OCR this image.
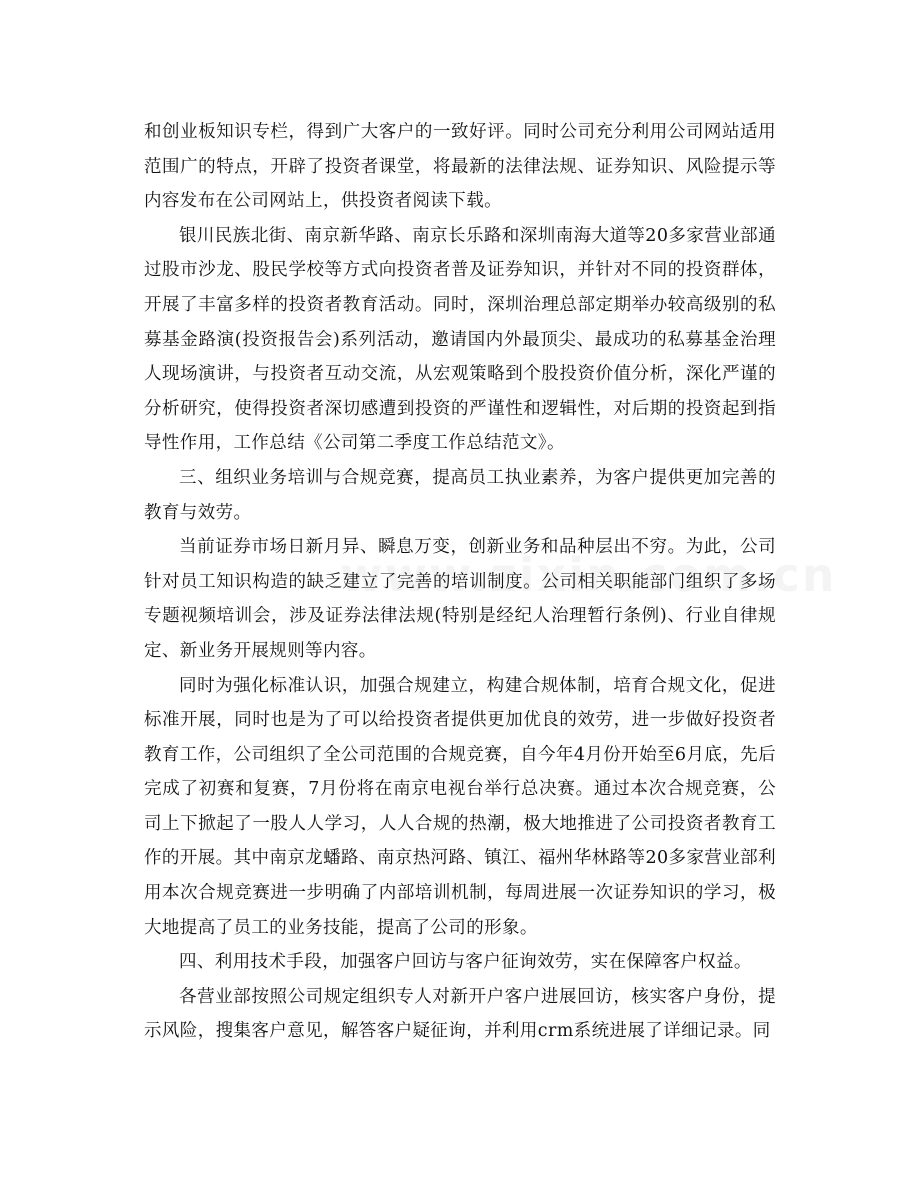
和创业板知识专栏，得到广大客户的一致好评。同时公司充分利用公司网站适用范围广的特点，开辟了投资者课堂，将最新的法律法规、证券知识、风险提示等内容发布在公司网站上，供投资者阅读下载。

银川民族北街、南京新华路、南京长乐路和深圳南海大道等20多家营业部通过股市沙龙、股民学校等方式向投资者普及证券知识，并针对不同的投资群体，开展了丰富多样的投资者教育活动。同时，深圳治理总部定期举办较高级别的私募基金路演(投资报告会)系列活动，邀请国内外最顶尖、最成功的私募基金治理人现场演讲，与投资者互动交流，从宏观策略到个股投资价值分析，深化严谨的分析研究，使得投资者深切感遭到投资的严谨性和逻辑性，对后期的投资起到指导性作用，工作总结《公司第二季度工作总结范文》。

三、组织业务培训与合规竞赛，提高员工执业素养，为客户提供更加完善的教育与效劳。

当前证券市场日新月异、瞬息万变，创新业务和品种层出不穷。为此，公司针对员工知识构造的缺乏建立了完善的培训制度。公司相关职能部门组织了多场专题视频培训会，涉及证券法律法规(特别是经纪人治理暂行条例)、行业自律规定、新业务开展规则等内容。

同时为强化标准认识，加强合规建立，构建合规体制，培育合规文化，促进标准开展，同时也是为了可以给投资者提供更加优良的效劳，进一步做好投资者教育工作，公司组织了全公司范围的合规竞赛，自今年4月份开始至6月底，先后完成了初赛和复赛，7月份将在南京电视台举行总决赛。通过本次合规竞赛，公司上下掀起了一股人人学习，人人合规的热潮，极大地推进了公司投资者教育工作的开展。其中南京龙蟠路、南京热河路、镇江、福州华林路等20多家营业部利用本次合规竞赛进一步明确了内部培训机制，每周进展一次证券知识的学习，极大地提高了员工的业务技能，提高了公司的形象。

四、利用技术手段，加强客户回访与客户征询效劳，实在保障客户权益。

各营业部按照公司规定组织专人对新开户客户进展回访，核实客户身份，提示风险，搜集客户意见，解答客户疑征询，并利用crm系统进展了详细记录。同
